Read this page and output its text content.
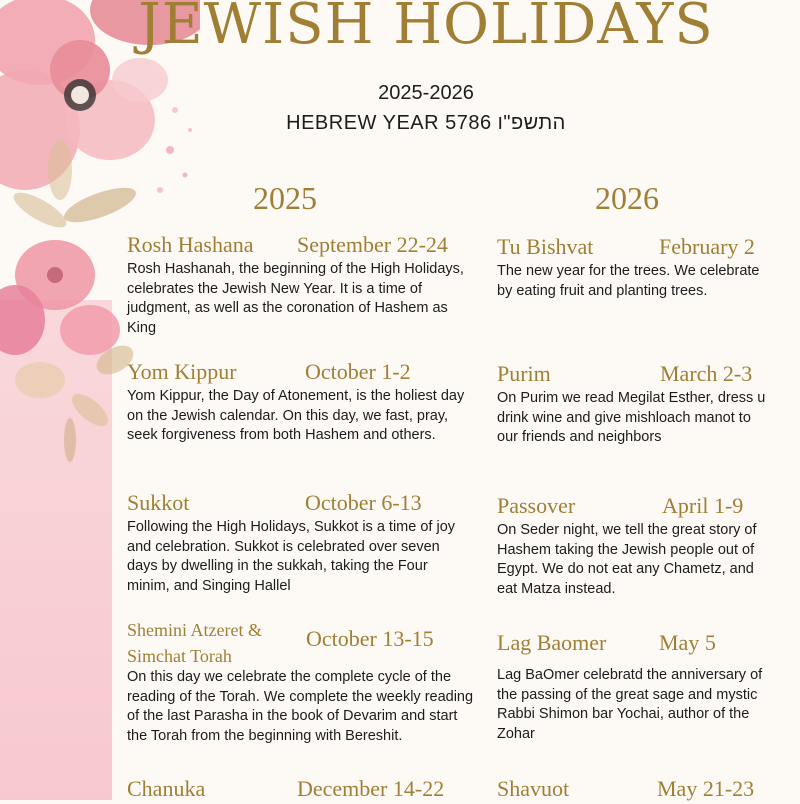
JEWISH HOLIDAYS

2025-2026

HEBREW YEAR 5786 התשפ"ו

2025
Rosh Hashana September 22-24

Rosh Hashanah, the beginning of the High Holidays, celebrates the Jewish New Year. It is a time of judgment, as well as the coronation of Hashem as King

Yom Kippur	October 1-2

Yom Kippur, the Day of Atonement, is the holiest day on the Jewish calendar. On this day, we fast, pray, seek forgiveness from both Hashem and others.

Sukkot	October 6-13

Following the High Holidays, Sukkot is a time of joy and celebration. Sukkot is celebrated over seven days by dwelling in the sukkah, taking the Four minim, and Singing Hallel

Shemini Atzeret &
Simchat Torah
October 13-15

On this day we celebrate the complete cycle of the reading of the Torah. We complete the weekly reading of the last Parasha in the book of Devarim and start the Torah from the beginning with Bereshit.

Chanuka	December 14-22
2026
Tu Bishvat	February 2

The new year for the trees. We celebrate

by eating fruit and planting trees.

Purim	March 2-3

On Purim we read Megilat Esther, dress u

drink wine and give mishloach manot to

our friends and neighbors

Passover	April 1-9

On Seder night, we tell the great story of

Hashem taking the Jewish people out of

Egypt. We do not eat any Chametz, and

eat Matza instead.

Lag Baomer May 5

Lag BaOmer celebratd the anniversary of

the passing of the great sage and mystic

Rabbi Shimon bar Yochai, author of the

Zohar

Shavuot	May 21-23
